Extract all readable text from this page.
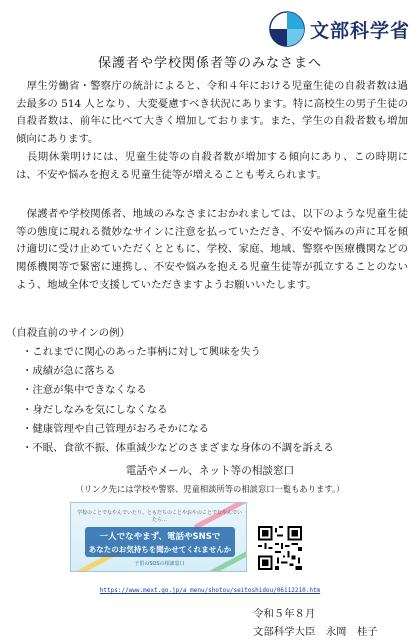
文部科学省
保護者や学校関係者等のみなさまへ

　厚生労働省・警察庁の統計によると、令和４年における児童生徒の自殺者数は過去最多の 514 人となり、大変憂慮すべき状況にあります。特に高校生の男子生徒の自殺者数は、前年に比べて大きく増加しております。また、学生の自殺者数も増加傾向にあります。

　長期休業明けには、児童生徒等の自殺者数が増加する傾向にあり、この時期には、不安や悩みを抱える児童生徒等が増えることも考えられます。

　保護者や学校関係者、地域のみなさまにおかれましては、以下のような児童生徒等の態度に現れる微妙なサインに注意を払っていただき、不安や悩みの声に耳を傾け適切に受け止めていただくとともに、学校、家庭、地域、警察や医療機関などの関係機関等で緊密に連携し、不安や悩みを抱える児童生徒等が孤立することのないよう、地域全体で支援していただきますようお願いいたします。
（自殺直前のサインの例）
・ これまでに関心のあった事柄に対して興味を失う
・ 成績が急に落ちる
・ 注意が集中できなくなる
・ 身だしなみを気にしなくなる
・ 健康管理や自己管理がおろそかになる
・ 不眠、食欲不振、体重減少などのさまざまな身体の不調を訴える
電話やメール、ネット等の相談窓口
（リンク先には学校や警察、児童相談所等の相談窓口一覧もあります。）
学校のことでなやんでいたり、ともだちのことやおやのことでなやんでいたら…
一人でなやまず、電話やSNSで
あなたのお気持ちを聞かせてくれませんか
子供のSOSの相談窓口
https://www.mext.go.jp/a_menu/shotou/seitoshidou/06112210.htm
令和５年８月
文部科学大臣　永岡　桂子
